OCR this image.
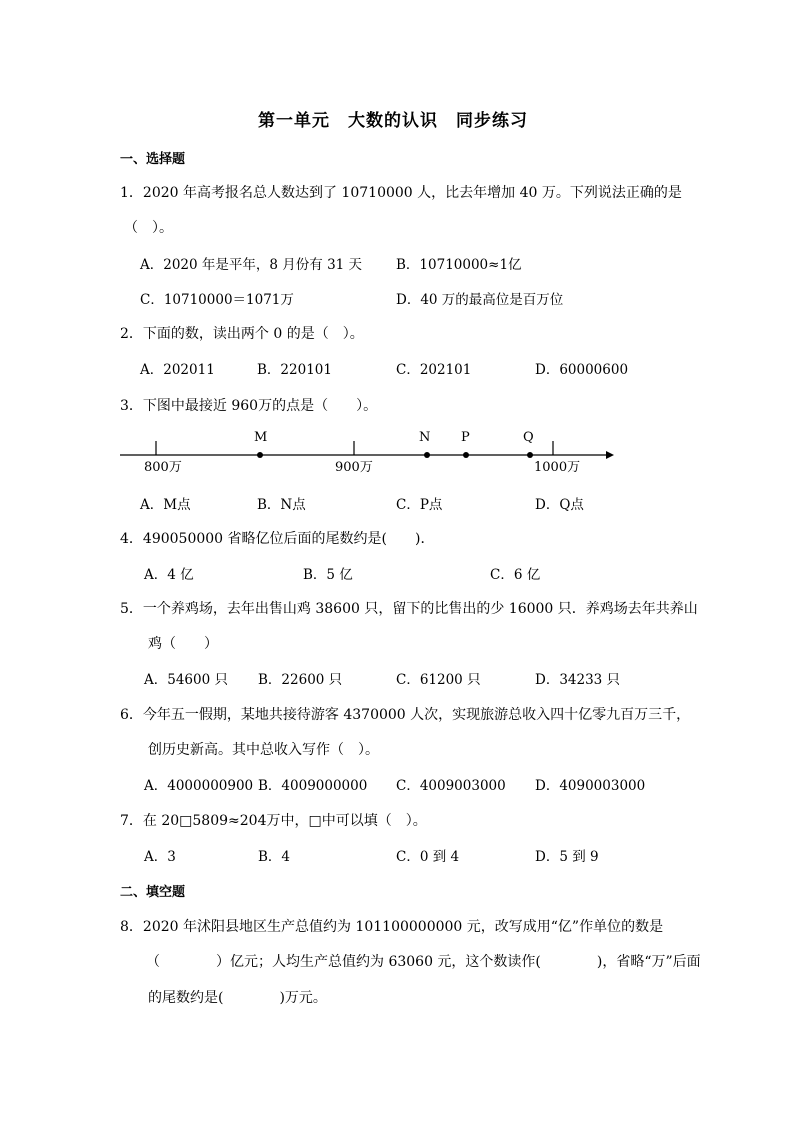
第一单元　大数的认识　同步练习
一、选择题
1．2020 年高考报名总人数达到了 10710000 人，比去年增加 40 万。下列说法正确的是
（　）。
A．2020 年是平年，8 月份有 31 天	B．10710000≈1亿
C．10710000＝1071万	D．40 万的最高位是百万位
2．下面的数，读出两个 0 的是（　）。
A．202011	B．220101	C．202101	D．60000600
3．下图中最接近 960万的点是（　　）。
M	N P	Q
800万	900万	1000万
A．M点	B．N点	C．P点	D．Q点
4．490050000 省略亿位后面的尾数约是(　　)．
A．4 亿	B．5 亿	C．6 亿
5．一个养鸡场，去年出售山鸡 38600 只，留下的比售出的少 16000 只．养鸡场去年共养山
鸡（　　）
A．54600 只 B．22600 只	C．61200 只	D．34233 只
6．今年五一假期，某地共接待游客 4370000 人次，实现旅游总收入四十亿零九百万三千，
创历史新高。其中总收入写作（　）。
A．4000000900 B．4009000000 C．4009003000 D．4090003000
7．在 20□5809≈204万中，□中可以填（　）。
A．3	B．4	C．0 到 4	D．5 到 9
二、填空题
8．2020 年沭阳县地区生产总值约为 101100000000 元，改写成用“亿”作单位的数是
（　　　　）亿元；人均生产总值约为 63060 元，这个数读作(　　　　)，省略“万”后面
的尾数约是(　　　　)万元。
